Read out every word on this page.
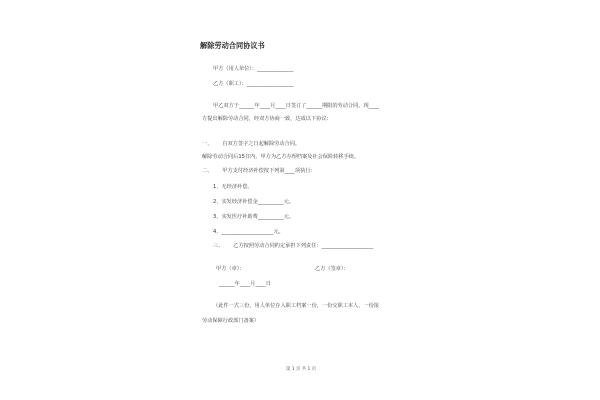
解除劳动合同协议书
甲方（用人单位）：______________
乙方（职工）：__________________
甲乙双方于______年____月____日签订了______期限的劳动合同，现____
方提出解除劳动合同，经双方协商一致，达成以下协议：
一、      自双方签字之日起解除劳动合同。
解除劳动合同后15日内，甲方为乙方办理档案及社会保险转移手续。
二、      甲方支付经济补偿按下列第____项执行：
1、无经济补偿。
2、实发经济补偿金__________元。
3、实发医疗补助费__________元。
4、____________________元。
三、      乙方按照劳动合同约定承担下列责任：____________________
甲方（章）：	乙方（签章）：
______年____月____日
（此件一式三份，用人单位存入职工档案一份，一份交职工本人，一份报
劳动保障行政部门备案）
第 1 页 共 1 页
